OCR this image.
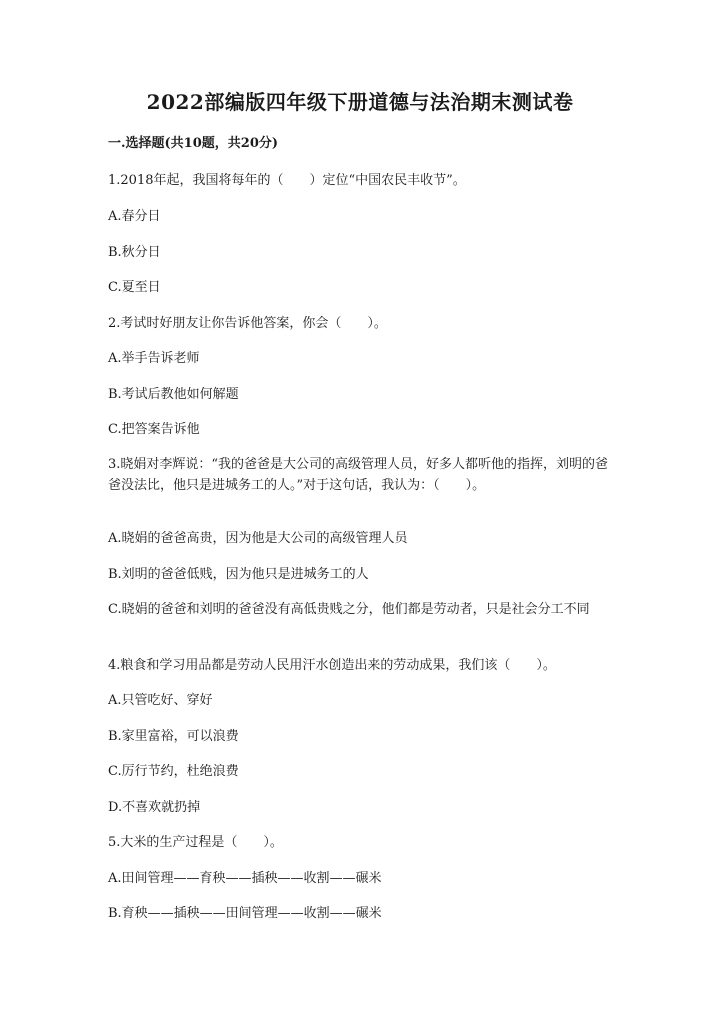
2022部编版四年级下册道德与法治期末测试卷
一.选择题(共10题，共20分)
1.2018年起，我国将每年的（　　）定位“中国农民丰收节”。
A.春分日
B.秋分日
C.夏至日
2.考试时好朋友让你告诉他答案，你会（　　）。
A.举手告诉老师
B.考试后教他如何解题
C.把答案告诉他
3.晓娟对李辉说：“我的爸爸是大公司的高级管理人员，好多人都听他的指挥，刘明的爸爸没法比，他只是进城务工的人。”对于这句话，我认为：（　　）。
A.晓娟的爸爸高贵，因为他是大公司的高级管理人员
B.刘明的爸爸低贱，因为他只是进城务工的人
C.晓娟的爸爸和刘明的爸爸没有高低贵贱之分，他们都是劳动者，只是社会分工不同
4.粮食和学习用品都是劳动人民用汗水创造出来的劳动成果，我们该（　　）。
A.只管吃好、穿好
B.家里富裕，可以浪费
C.厉行节约，杜绝浪费
D.不喜欢就扔掉
5.大米的生产过程是（　　）。
A.田间管理——育秧——插秧——收割——碾米
B.育秧——插秧——田间管理——收割——碾米
